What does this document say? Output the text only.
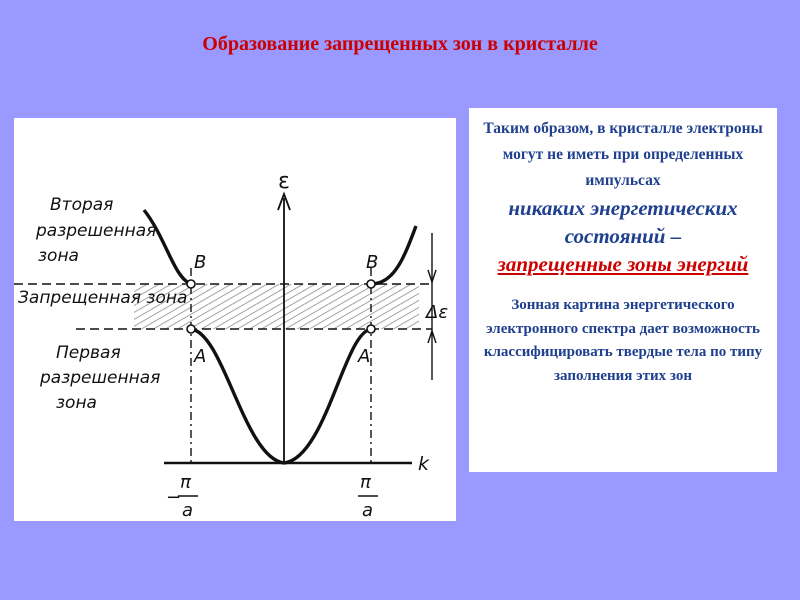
Образование запрещенных зон в кристалле
ε
k
Вторая
разрешенная
зона
Запрещенная зона
Первая
разрешенная
зона
B
A
B
A
Δε
−
π
a
π
a

Таким образом, в кристалле электроны могут не иметь при определенных импульсах

никаких энергетических состояний –

запрещенные зоны энергий

Зонная картина энергетического электронного спектра дает возможность классифицировать твердые тела по типу заполнения этих зон
